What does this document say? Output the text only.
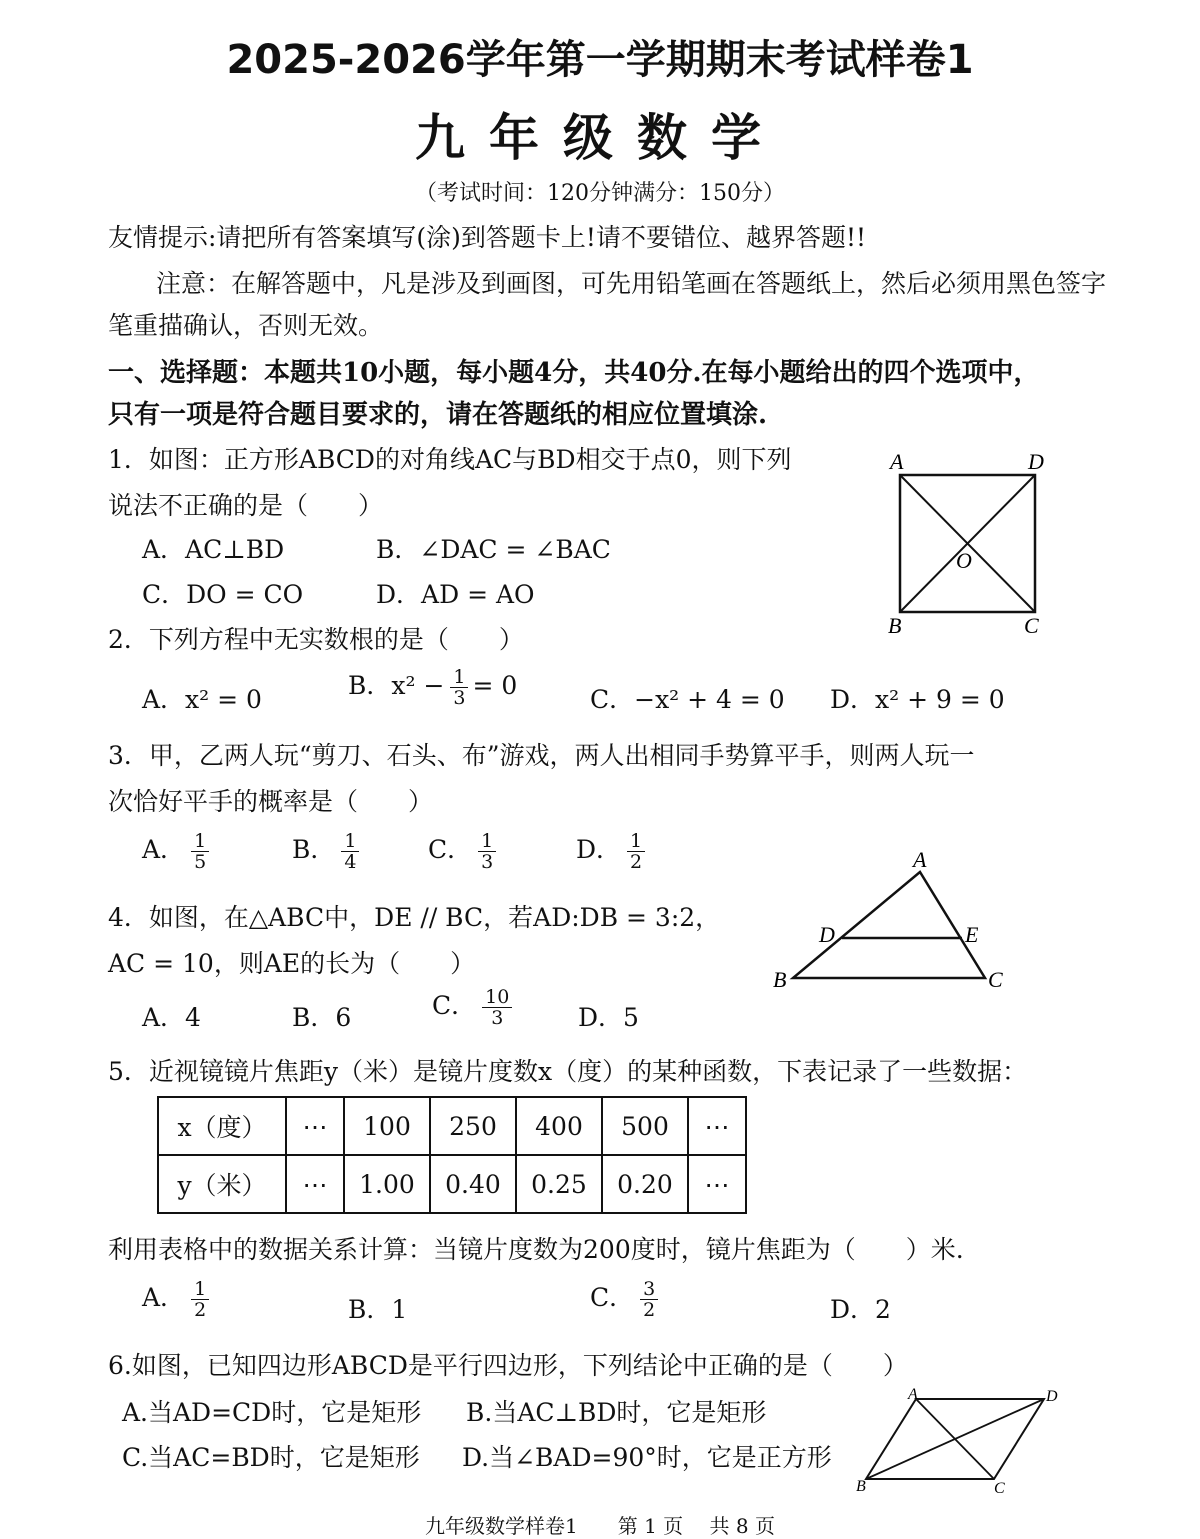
2025-2026学年第一学期期末考试样卷1
九年级数学
（考试时间：120分钟满分：150分）
友情提示:请把所有答案填写(涂)到答题卡上!请不要错位、越界答题!!
注意：在解答题中，凡是涉及到画图，可先用铅笔画在答题纸上，然后必须用黑色签字
笔重描确认，否则无效。
一、选择题：本题共10小题，每小题4分，共40分.在每小题给出的四个选项中，
只有一项是符合题目要求的，请在答题纸的相应位置填涂.
1．如图：正方形ABCD的对角线AC与BD相交于点0，则下列
说法不正确的是（　　）
A．AC⊥BD	B．∠DAC = ∠BAC
C．DO = CO	D．AD = AO
A	D
O
B	C
2．下列方程中无实数根的是（　　）
A．x² = 0	B．$x^2 - \frac{1}{3} = 0$	C．−x² + 4 = 0 D．x² + 9 = 0
3．甲，乙两人玩“剪刀、石头、布”游戏，两人出相同手势算平手，则两人玩一
次恰好平手的概率是（　　）
A． $\frac{1}{5}$	B． $\frac{1}{4}$	C． $\frac{1}{3}$	D． $\frac{1}{2}$
4．如图，在△ABC中，DE // BC，若AD:DB = 3:2，
AC = 10，则AE的长为（　　）
A．4	B．6	C． $\frac{10}{3}$	D．5
A
D	E
B	C
5．近视镜镜片焦距y（米）是镜片度数x（度）的某种函数，下表记录了一些数据：
x（度）	⋯	100	250	400	500	⋯
y（米）	⋯	1.00	0.40	0.25	0.20	⋯
利用表格中的数据关系计算：当镜片度数为200度时，镜片焦距为（　　）米.
A． $\frac{1}{2}$	B．1	C． $\frac{3}{2}$	D．2
6.如图，已知四边形ABCD是平行四边形，下列结论中正确的是（　　）
A.当AD=CD时，它是矩形 B.当AC⊥BD时，它是矩形
C.当AC=BD时，它是矩形 D.当∠BAD=90°时，它是正方形
A	D
B	C
九年级数学样卷1　　第 1 页　 共 8 页
